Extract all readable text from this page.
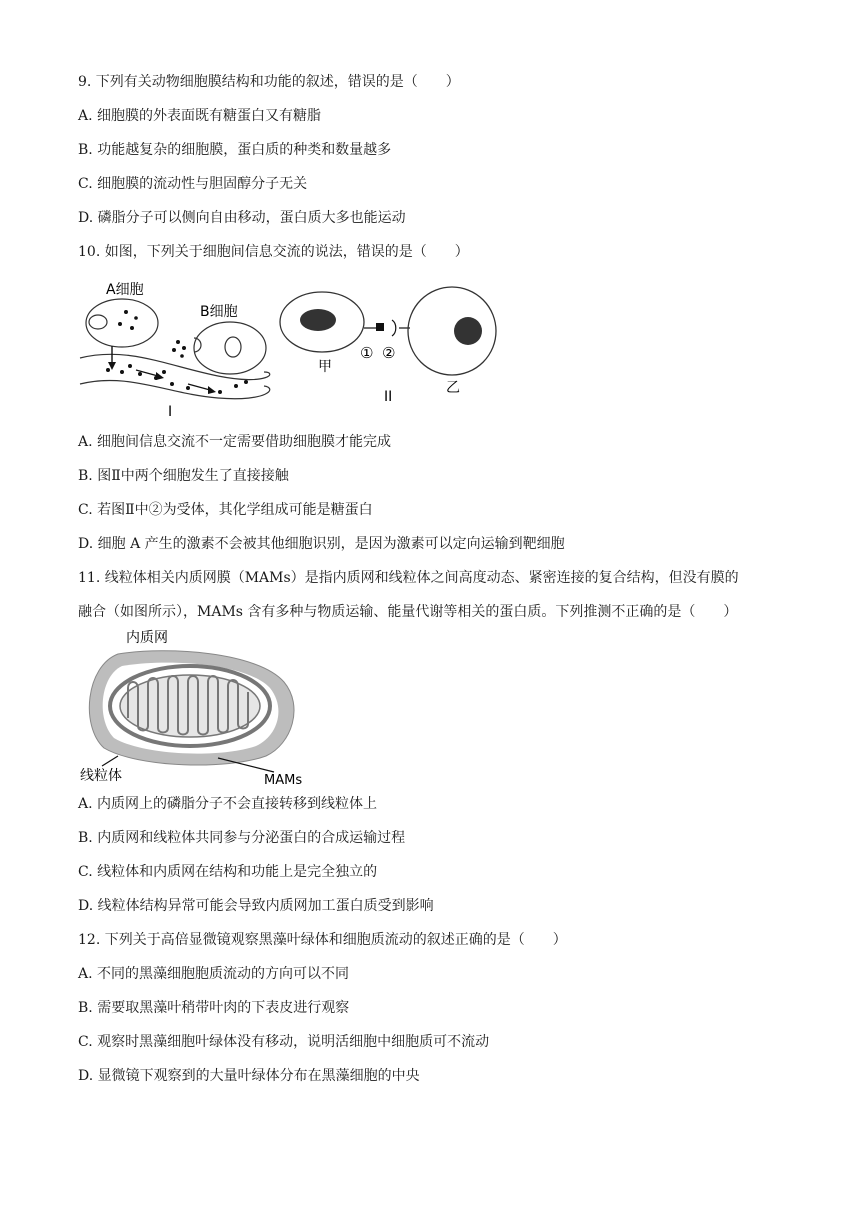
9. 下列有关动物细胞膜结构和功能的叙述，错误的是（　　）
A. 细胞膜的外表面既有糖蛋白又有糖脂
B. 功能越复杂的细胞膜，蛋白质的种类和数量越多
C. 细胞膜的流动性与胆固醇分子无关
D. 磷脂分子可以侧向自由移动，蛋白质大多也能运动
10. 如图，下列关于细胞间信息交流的说法，错误的是（　　）
A细胞
B细胞
I
甲
① ②
II
乙
A. 细胞间信息交流不一定需要借助细胞膜才能完成
B. 图Ⅱ中两个细胞发生了直接接触
C. 若图Ⅱ中②为受体，其化学组成可能是糖蛋白
D. 细胞 A 产生的激素不会被其他细胞识别，是因为激素可以定向运输到靶细胞
11. 线粒体相关内质网膜（MAMs）是指内质网和线粒体之间高度动态、紧密连接的复合结构，但没有膜的
融合（如图所示），MAMs 含有多种与物质运输、能量代谢等相关的蛋白质。下列推测不正确的是（　　）
内质网
线粒体	MAMs
A. 内质网上的磷脂分子不会直接转移到线粒体上
B. 内质网和线粒体共同参与分泌蛋白的合成运输过程
C. 线粒体和内质网在结构和功能上是完全独立的
D. 线粒体结构异常可能会导致内质网加工蛋白质受到影响
12. 下列关于高倍显微镜观察黑藻叶绿体和细胞质流动的叙述正确的是（　　）
A. 不同的黑藻细胞胞质流动的方向可以不同
B. 需要取黑藻叶稍带叶肉的下表皮进行观察
C. 观察时黑藻细胞叶绿体没有移动，说明活细胞中细胞质可不流动
D. 显微镜下观察到的大量叶绿体分布在黑藻细胞的中央
